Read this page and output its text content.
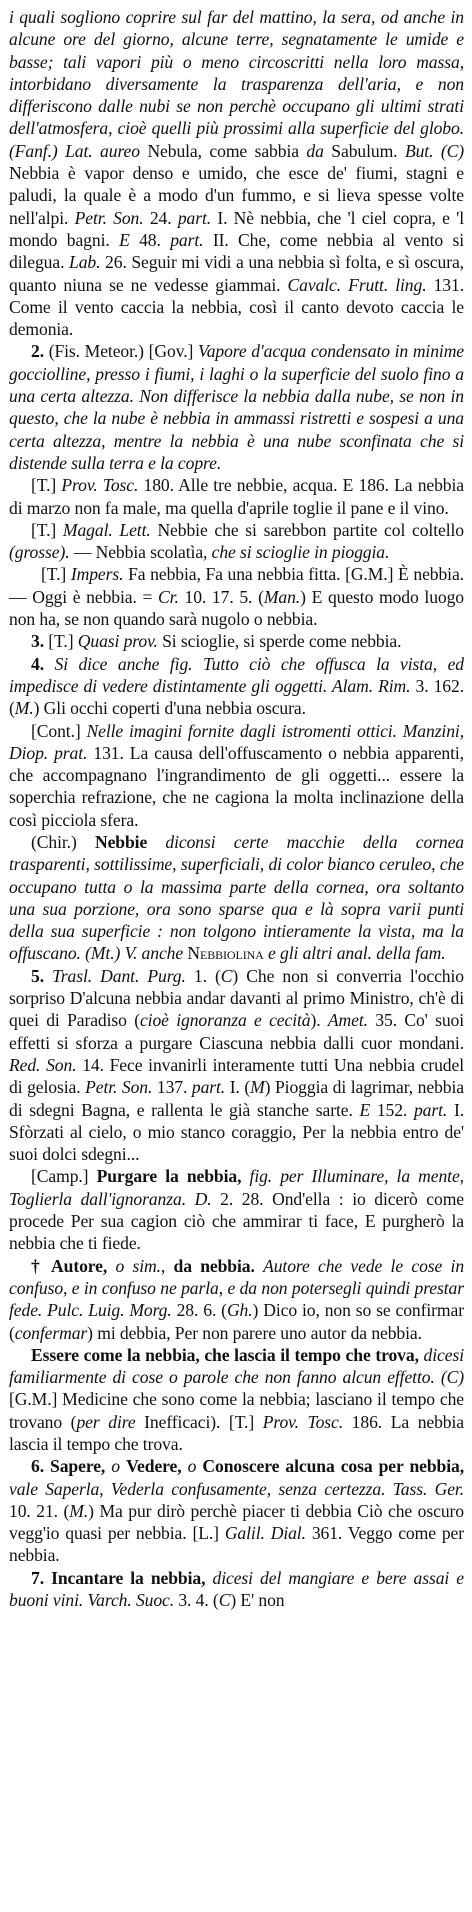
i quali sogliono coprire sul far del mattino, la sera, od anche in alcune ore del giorno, alcune terre, segnatamente le umide e basse; tali vapori più o meno circoscritti nella loro massa, intorbidano diversamente la trasparenza dell'aria, e non differiscono dalle nubi se non perchè occupano gli ultimi strati dell'atmosfera, cioè quelli più prossimi alla superficie del globo. (Fanf.) Lat. aureo Nebula, come sabbia da Sabulum. But. (C) Nebbia è vapor denso e umido, che esce de' fiumi, stagni e paludi, la quale è a modo d'un fummo, e si lieva spesse volte nell'alpi. Petr. Son. 24. part. I. Nè nebbia, che 'l ciel copra, e 'l mondo bagni. E 48. part. II. Che, come nebbia al vento si dilegua. Lab. 26. Seguir mi vidi a una nebbia sì folta, e sì oscura, quanto niuna se ne vedesse giammai. Cavalc. Frutt. ling. 131. Come il vento caccia la nebbia, così il canto devoto caccia le demonia.

2. (Fis. Meteor.) [Gov.] Vapore d'acqua condensato in minime gocciolline, presso i fiumi, i laghi o la superficie del suolo fino a una certa altezza. Non differisce la nebbia dalla nube, se non in questo, che la nube è nebbia in ammassi ristretti e sospesi a una certa altezza, mentre la nebbia è una nube sconfinata che si distende sulla terra e la copre.

[T.] Prov. Tosc. 180. Alle tre nebbie, acqua. E 186. La nebbia di marzo non fa male, ma quella d'aprile toglie il pane e il vino.

[T.] Magal. Lett. Nebbie che si sarebbon partite col coltello (grosse). — Nebbia scolatìa, che si scioglie in pioggia.

[T.] Impers. Fa nebbia, Fa una nebbia fitta. [G.M.] È nebbia. — Oggi è nebbia. = Cr. 10. 17. 5. (Man.) E questo modo luogo non ha, se non quando sarà nugolo o nebbia.

3. [T.] Quasi prov. Si scioglie, si sperde come nebbia.

4. Si dice anche fig. Tutto ciò che offusca la vista, ed impedisce di vedere distintamente gli oggetti. Alam. Rim. 3. 162. (M.) Gli occhi coperti d'una nebbia oscura.

[Cont.] Nelle imagini fornite dagli istromenti ottici. Manzini, Diop. prat. 131. La causa dell'offuscamento o nebbia apparenti, che accompagnano l'ingrandimento de gli oggetti... essere la soperchia refrazione, che ne cagiona la molta inclinazione della così picciola sfera.

(Chir.) Nebbie diconsi certe macchie della cornea trasparenti, sottilissime, superficiali, di color bianco ceruleo, che occupano tutta o la massima parte della cornea, ora soltanto una sua porzione, ora sono sparse qua e là sopra varii punti della sua superficie : non tolgono intieramente la vista, ma la offuscano. (Mt.) V. anche Nebbiolina e gli altri anal. della fam.

5. Trasl. Dant. Purg. 1. (C) Che non si converria l'occhio sorpriso D'alcuna nebbia andar davanti al primo Ministro, ch'è di quei di Paradiso (cioè ignoranza e cecità). Amet. 35. Co' suoi effetti si sforza a purgare Ciascuna nebbia dalli cuor mondani. Red. Son. 14. Fece invanirli interamente tutti Una nebbia crudel di gelosia. Petr. Son. 137. part. I. (M) Pioggia di lagrimar, nebbia di sdegni Bagna, e rallenta le già stanche sarte. E 152. part. I. Sfòrzati al cielo, o mio stanco coraggio, Per la nebbia entro de' suoi dolci sdegni...

[Camp.] Purgare la nebbia, fig. per Illuminare, la mente, Toglierla dall'ignoranza. D. 2. 28. Ond'ella : io dicerò come procede Per sua cagion ciò che ammirar ti face, E purgherò la nebbia che ti fiede.

† Autore, o sim., da nebbia. Autore che vede le cose in confuso, e in confuso ne parla, e da non potersegli quindi prestar fede. Pulc. Luig. Morg. 28. 6. (Gh.) Dico io, non so se confirmar (confermar) mi debbia, Per non parere uno autor da nebbia.

Essere come la nebbia, che lascia il tempo che trova, dicesi familiarmente di cose o parole che non fanno alcun effetto. (C) [G.M.] Medicine che sono come la nebbia; lasciano il tempo che trovano (per dire Inefficaci). [T.] Prov. Tosc. 186. La nebbia lascia il tempo che trova.

6. Sapere, o Vedere, o Conoscere alcuna cosa per nebbia, vale Saperla, Vederla confusamente, senza certezza. Tass. Ger. 10. 21. (M.) Ma pur dirò perchè piacer ti debbia Ciò che oscuro vegg'io quasi per nebbia. [L.] Galil. Dial. 361. Veggo come per nebbia.

7. Incantare la nebbia, dicesi del mangiare e bere assai e buoni vini. Varch. Suoc. 3. 4. (C) E' non
